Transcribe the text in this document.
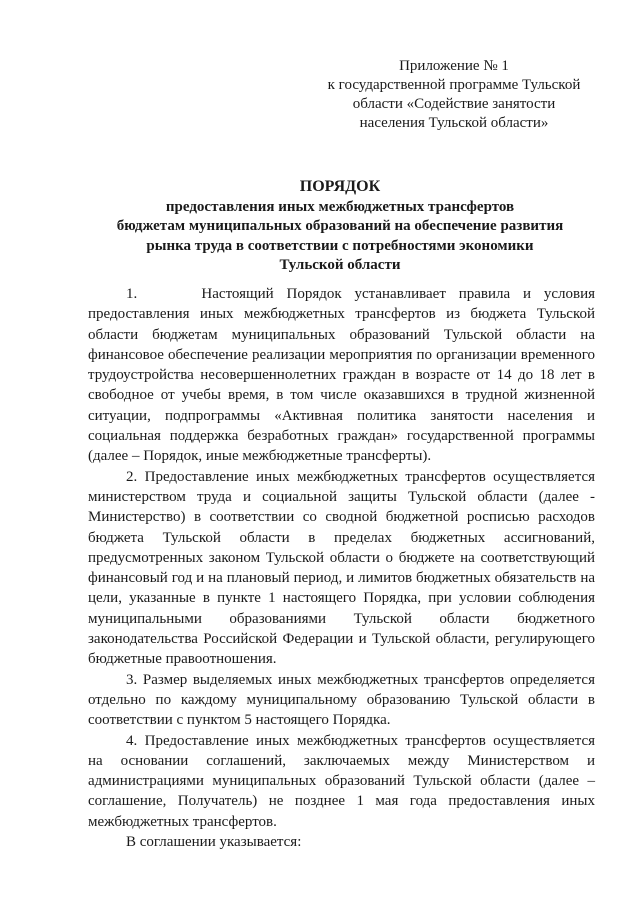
Приложение № 1
к государственной программе Тульской
области «Содействие занятости
населения Тульской области»
ПОРЯДОК
предоставления иных межбюджетных трансфертов
бюджетам муниципальных образований на обеспечение развития
рынка труда в соответствии с потребностями экономики
Тульской области

1.     Настоящий Порядок устанавливает правила и условия предоставления иных межбюджетных трансфертов из бюджета Тульской области бюджетам муниципальных образований Тульской области на финансовое обеспечение реализации мероприятия по организации временного трудоустройства несовершеннолетних граждан в возрасте от 14 до 18 лет в свободное от учебы время, в том числе оказавшихся в трудной жизненной ситуации, подпрограммы «Активная политика занятости населения и социальная поддержка безработных граждан» государственной программы (далее – Порядок, иные межбюджетные трансферты).

2. Предоставление иных межбюджетных трансфертов осуществляется министерством труда и социальной защиты Тульской области (далее - Министерство) в соответствии со сводной бюджетной росписью расходов бюджета Тульской области в пределах бюджетных ассигнований, предусмотренных законом Тульской области о бюджете на соответствующий финансовый год и на плановый период, и лимитов бюджетных обязательств на цели, указанные в пункте 1 настоящего Порядка, при условии соблюдения муниципальными образованиями Тульской области бюджетного законодательства Российской Федерации и Тульской области, регулирующего бюджетные правоотношения.

3. Размер выделяемых иных межбюджетных трансфертов определяется отдельно по каждому муниципальному образованию Тульской области в соответствии с пунктом 5 настоящего Порядка.

4. Предоставление иных межбюджетных трансфертов осуществляется на основании соглашений, заключаемых между Министерством и администрациями муниципальных образований Тульской области (далее – соглашение, Получатель) не позднее 1 мая года предоставления иных межбюджетных трансфертов.

В соглашении указывается:
